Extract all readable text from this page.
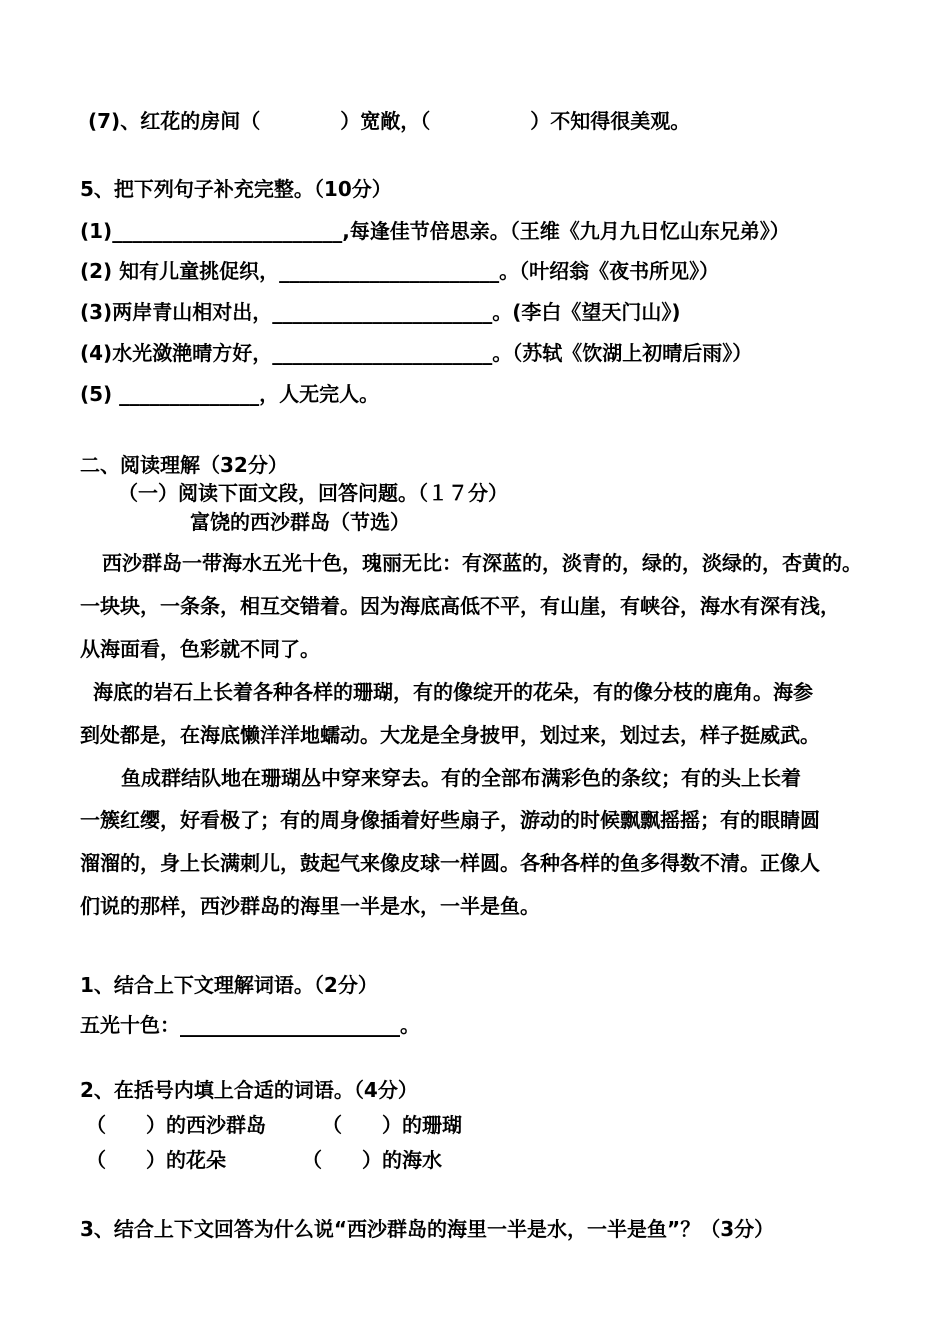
(7)、红花的房间（　　　　）宽敞，（　　　　　）不知得很美观。
5、把下列句子补充完整。（10分）
(1)_______________________,每逢佳节倍思亲。（王维《九月九日忆山东兄弟》）
(2) 知有儿童挑促织，______________________。（叶绍翁《夜书所见》）
(3)两岸青山相对出，______________________。(李白《望天门山》)
(4)水光潋滟晴方好，______________________。（苏轼《饮湖上初晴后雨》）
(5) ______________，人无完人。
二、阅读理解（32分）
（一）阅读下面文段，回答问题。（１７分）
富饶的西沙群岛（节选）
西沙群岛一带海水五光十色，瑰丽无比：有深蓝的，淡青的，绿的，淡绿的，杏黄的。
一块块，一条条，相互交错着。因为海底高低不平，有山崖，有峡谷，海水有深有浅，
从海面看，色彩就不同了。
海底的岩石上长着各种各样的珊瑚，有的像绽开的花朵，有的像分枝的鹿角。海参
到处都是，在海底懒洋洋地蠕动。大龙是全身披甲，划过来，划过去，样子挺威武。
鱼成群结队地在珊瑚丛中穿来穿去。有的全部布满彩色的条纹；有的头上长着
一簇红缨，好看极了；有的周身像插着好些扇子，游动的时候飘飘摇摇；有的眼睛圆
溜溜的，身上长满刺儿，鼓起气来像皮球一样圆。各种各样的鱼多得数不清。正像人
们说的那样，西沙群岛的海里一半是水，一半是鱼。
1、结合上下文理解词语。（2分）
五光十色：______________________。
2、在括号内填上合适的词语。（4分）
（　　）的西沙群岛	（　　）的珊瑚
（　　）的花朵	（　　）的海水
3、结合上下文回答为什么说“西沙群岛的海里一半是水，一半是鱼”？（3分）
